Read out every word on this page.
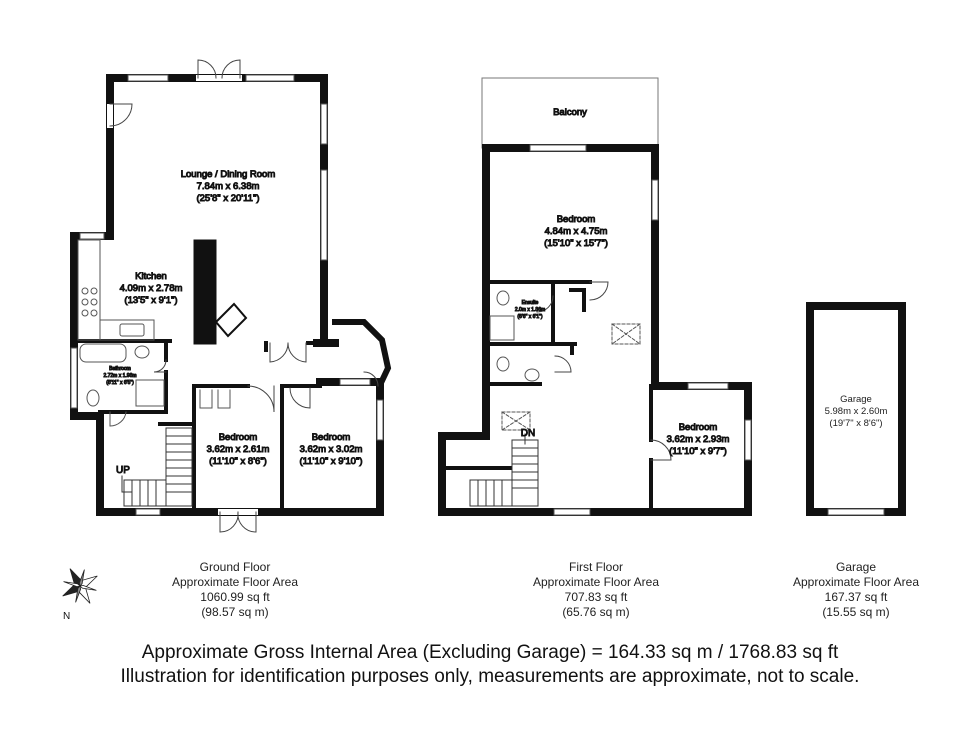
Lounge / Dining Room
7.84m x 6.38m
(25'8" x 20'11")
Kitchen
4.09m x 2.78m
(13'5" x 9'1")
Bathroom
2.72m x 1.98m
(8'11" x 6'5")
Bedroom
3.62m x 2.61m
(11'10" x 8'6")
Bedroom
3.62m x 3.02m
(11'10" x 9'10")
UP
Balcony
Bedroom
4.84m x 4.75m
(15'10" x 15'7")
Ensuite
2.0m x 1.86m
(6'6" x 6'1")
Bedroom
3.62m x 2.93m
(11'10" x 9'7")
DN
Garage
5.98m x 2.60m
(19'7" x 8'6")
N
Ground Floor
Approximate Floor Area
1060.99 sq ft
(98.57 sq m)
First Floor
Approximate Floor Area
707.83 sq ft
(65.76 sq m)
Garage
Approximate Floor Area
167.37 sq ft
(15.55 sq m)
Approximate Gross Internal Area (Excluding Garage) = 164.33 sq m / 1768.83 sq ft
Illustration for identification purposes only, measurements are approximate, not to scale.
